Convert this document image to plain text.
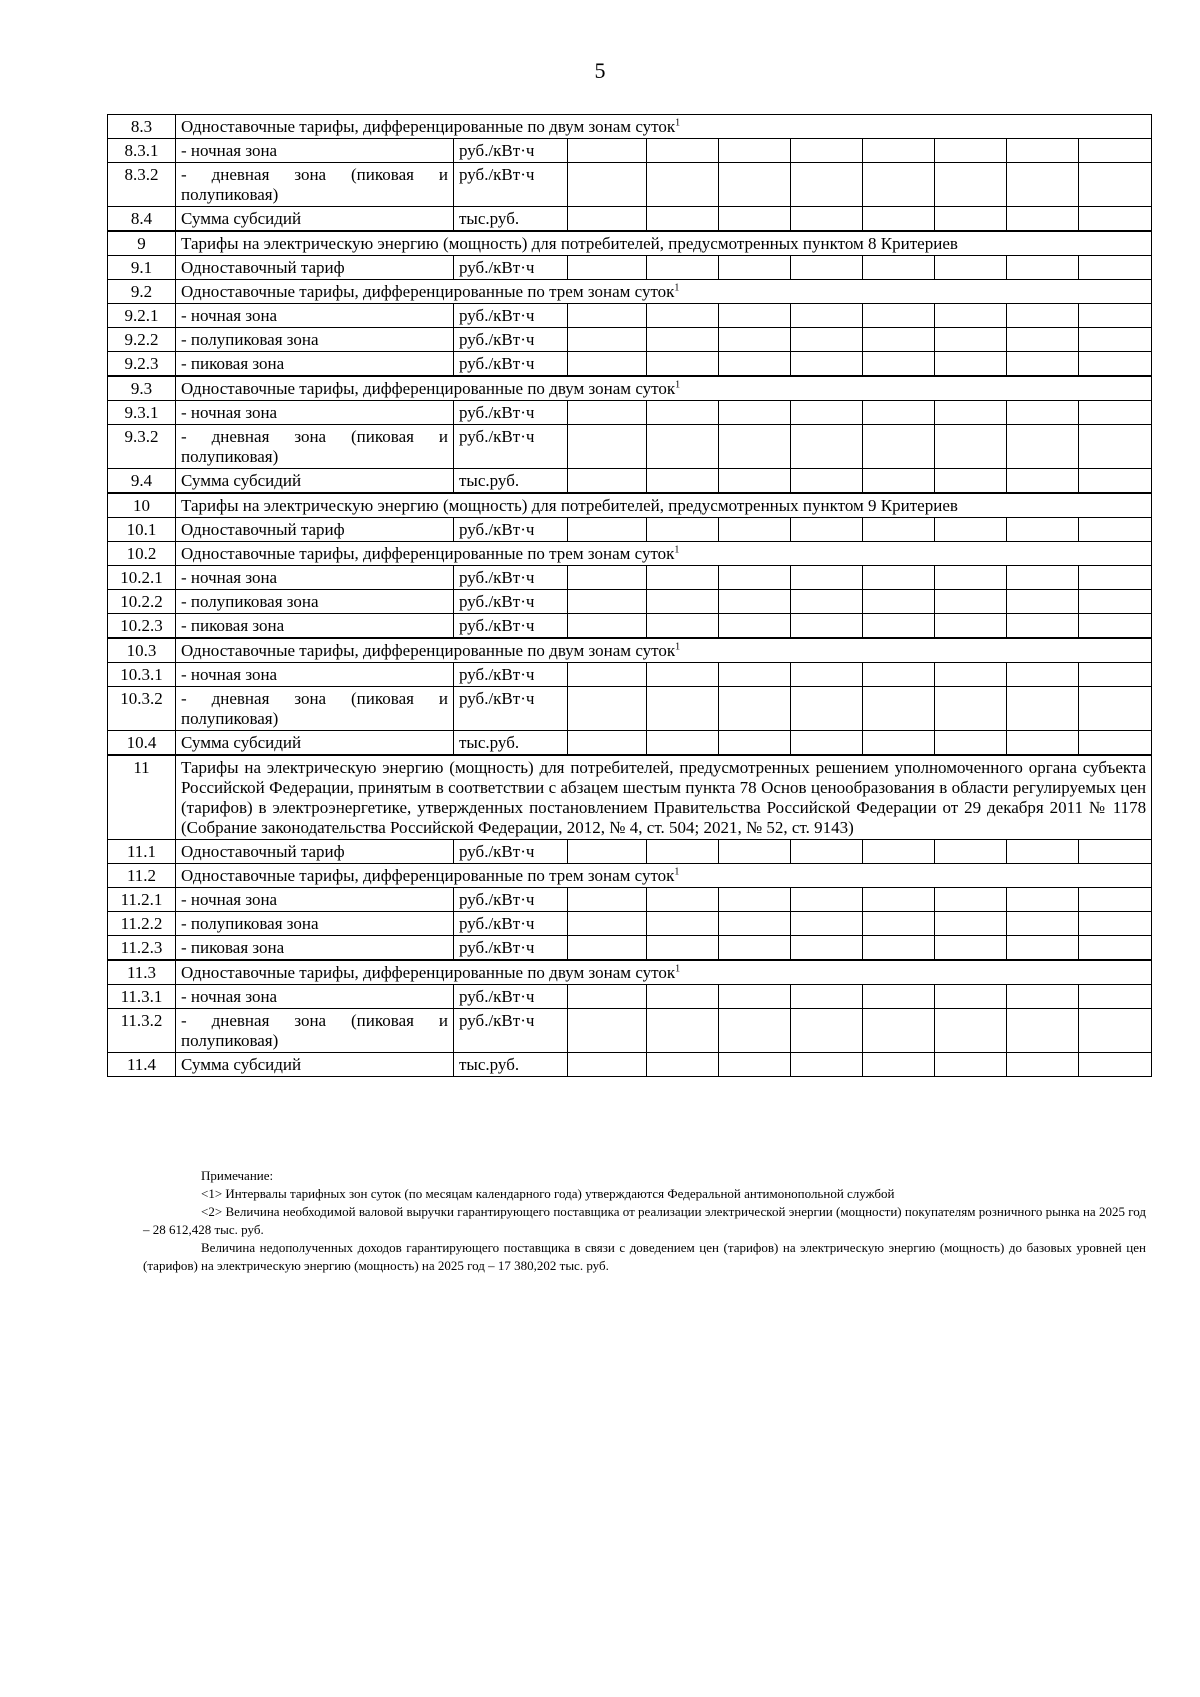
5
8.3	Одноставочные тарифы, дифференцированные по двум зонам суток$^1$
8.3.1	- ночная зона	руб./кВт·ч								
8.3.2	- дневная зона (пиковая и полупиковая)	руб./кВт·ч								
8.4	Сумма субсидий	тыс.руб.								
9	Тарифы на электрическую энергию (мощность) для потребителей, предусмотренных пунктом 8 Критериев									
9.1	Одноставочный тариф	руб./кВт·ч								
9.2	Одноставочные тарифы, дифференцированные по трем зонам суток$^1$
9.2.1	- ночная зона	руб./кВт·ч								
9.2.2	- полупиковая зона	руб./кВт·ч								
9.2.3	- пиковая зона	руб./кВт·ч								
9.3	Одноставочные тарифы, дифференцированные по двум зонам суток$^1$
9.3.1	- ночная зона	руб./кВт·ч								
9.3.2	- дневная зона (пиковая и полупиковая)	руб./кВт·ч								
9.4	Сумма субсидий	тыс.руб.								
10	Тарифы на электрическую энергию (мощность) для потребителей, предусмотренных пунктом 9 Критериев									
10.1	Одноставочный тариф	руб./кВт·ч								
10.2	Одноставочные тарифы, дифференцированные по трем зонам суток$^1$
10.2.1	- ночная зона	руб./кВт·ч								
10.2.2	- полупиковая зона	руб./кВт·ч								
10.2.3	- пиковая зона	руб./кВт·ч								
10.3	Одноставочные тарифы, дифференцированные по двум зонам суток$^1$
10.3.1	- ночная зона	руб./кВт·ч								
10.3.2	- дневная зона (пиковая и полупиковая)	руб./кВт·ч								
10.4	Сумма субсидий	тыс.руб.								
11	Тарифы на электрическую энергию (мощность) для потребителей, предусмотренных решением уполномоченного органа субъекта Российской Федерации, принятым в соответствии с абзацем шестым пункта 78 Основ ценообразования в области регулируемых цен (тарифов) в электроэнергетике, утвержденных постановлением Правительства Российской Федерации от 29 декабря 2011 № 1178 (Собрание законодательства Российской Федерации, 2012, № 4, ст. 504; 2021, № 52, ст. 9143)									
11.1	Одноставочный тариф	руб./кВт·ч								
11.2	Одноставочные тарифы, дифференцированные по трем зонам суток$^1$
11.2.1	- ночная зона	руб./кВт·ч								
11.2.2	- полупиковая зона	руб./кВт·ч								
11.2.3	- пиковая зона	руб./кВт·ч								
11.3	Одноставочные тарифы, дифференцированные по двум зонам суток$^1$
11.3.1	- ночная зона	руб./кВт·ч								
11.3.2	- дневная зона (пиковая и полупиковая)	руб./кВт·ч								
11.4	Сумма субсидий	тыс.руб.								

Примечание:

<1> Интервалы тарифных зон суток (по месяцам календарного года) утверждаются Федеральной антимонопольной службой

<2> Величина необходимой валовой выручки гарантирующего поставщика от реализации электрической энергии (мощности) покупателям розничного рынка на 2025 год – 28 612,428 тыс. руб.

Величина недополученных доходов гарантирующего поставщика в связи с доведением цен (тарифов) на электрическую энергию (мощность) до базовых уровней цен (тарифов) на электрическую энергию (мощность) на 2025 год – 17 380,202 тыс. руб.
